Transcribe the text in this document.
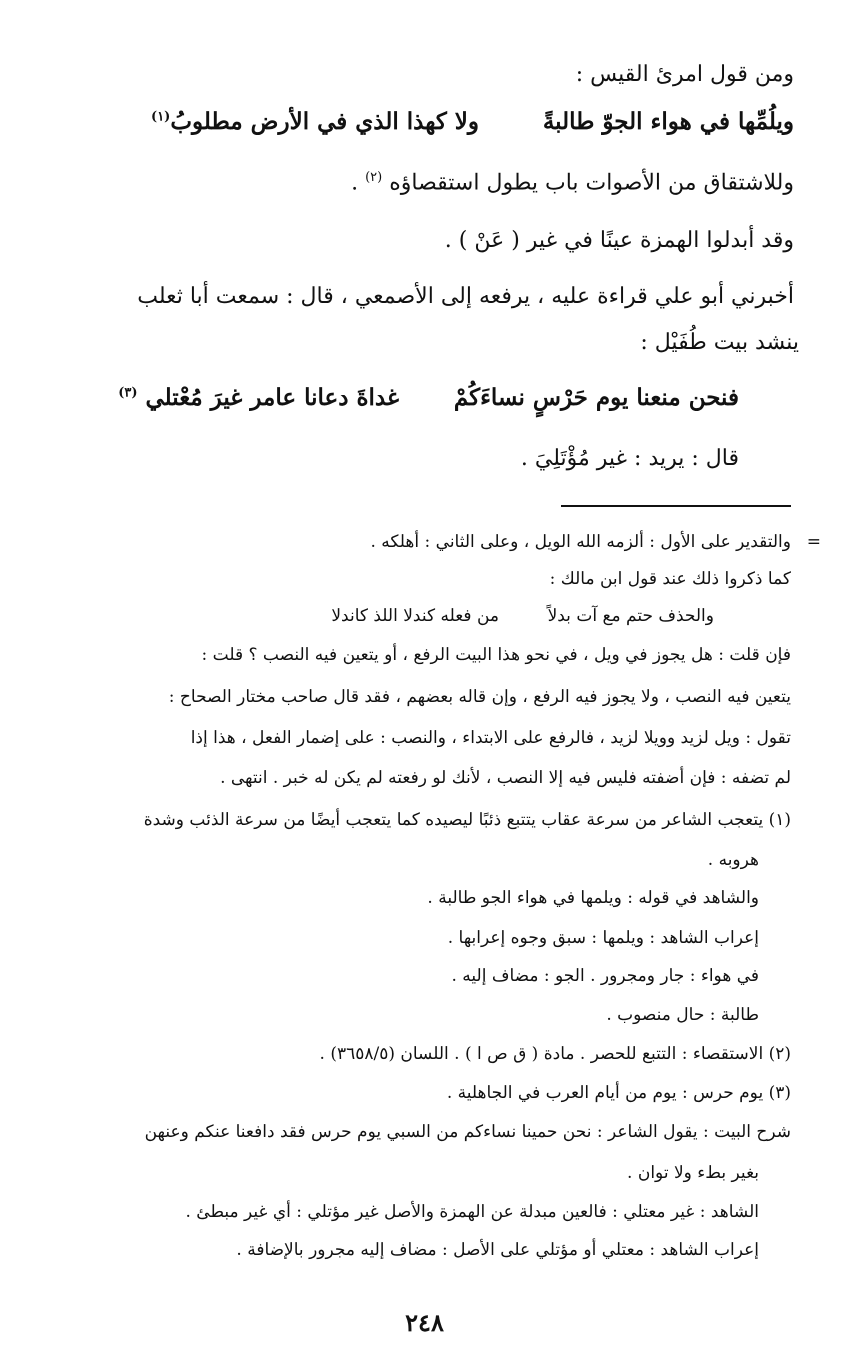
ومن قول امرئ القيس :
ويلُمِّها في هواء الجوّ طالبةً
ولا كهذا الذي في الأرض مطلوبُ$^{(١)}$
وللاشتقاق من الأصوات باب يطول استقصاؤه $^{(٢)}$ .
وقد أبدلوا الهمزة عينًا في غير ( عَنْ ) .
أخبرني أبو علي قراءة عليه ، يرفعه إلى الأصمعي ، قال : سمعت أبا ثعلب
ينشد بيت طُفَيْل :
فنحن منعنا يوم حَرْسٍ نساءَكُمْ
غداةَ دعانا عامر غيرَ مُعْتلي $^{(٣)}$
قال : يريد : غير مُؤْتَلِيَ .
=
والتقدير على الأول : ألزمه الله الويل ، وعلى الثاني : أهلكه .
كما ذكروا ذلك عند قول ابن مالك :
والحذف حتم مع آت بدلاً
من فعله كندلا اللذ كاندلا
فإن قلت : هل يجوز في ويل ، في نحو هذا البيت الرفع ، أو يتعين فيه النصب ؟ قلت :
يتعين فيه النصب ، ولا يجوز فيه الرفع ، وإن قاله بعضهم ، فقد قال صاحب مختار الصحاح :
تقول : ويل لزيد وويلا لزيد ، فالرفع على الابتداء ، والنصب : على إضمار الفعل ، هذا إذا
لم تضفه : فإن أضفته فليس فيه إلا النصب ، لأنك لو رفعته لم يكن له خبر . انتهى .
(١) يتعجب الشاعر من سرعة عقاب يتتبع ذئبًا ليصيده كما يتعجب أيضًا من سرعة الذئب وشدة
هروبه .
والشاهد في قوله : ويلمها في هواء الجو طالبة .
إعراب الشاهد : ويلمها : سبق وجوه إعرابها .
في هواء : جار ومجرور . الجو : مضاف إليه .
طالبة : حال منصوب .
(٢) الاستقصاء : التتبع للحصر . مادة ( ق ص ا ) . اللسان (٣٦٥٨/٥) .
(٣) يوم حرس : يوم من أيام العرب في الجاهلية .
شرح البيت : يقول الشاعر : نحن حمينا نساءكم من السبي يوم حرس فقد دافعنا عنكم وعنهن
بغير بطء ولا توان .
الشاهد : غير معتلي : فالعين مبدلة عن الهمزة والأصل غير مؤتلي : أي غير مبطئ .
إعراب الشاهد : معتلي أو مؤتلي على الأصل : مضاف إليه مجرور بالإضافة .
٢٤٨
